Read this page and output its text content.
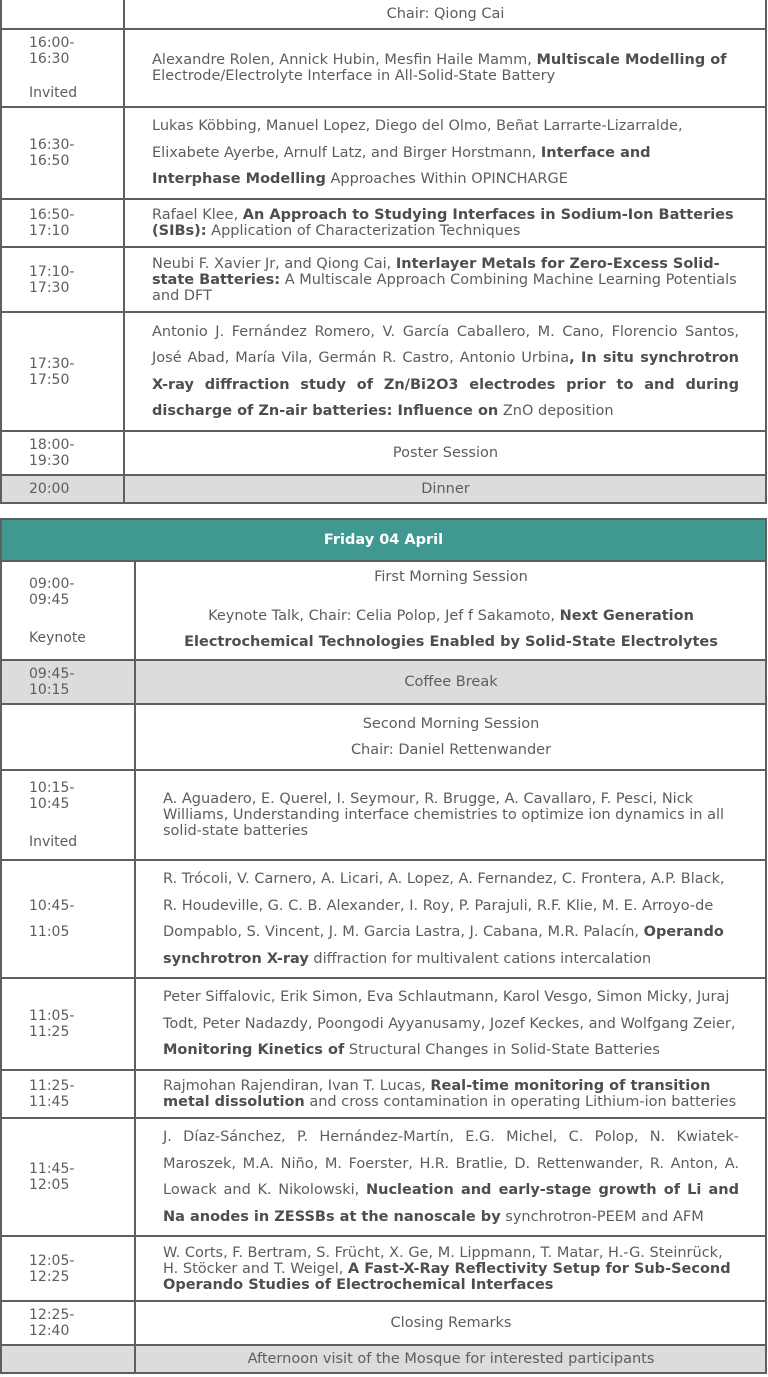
	Chair: Qiong Cai
16:00-
16:30
Invited	Alexandre Rolen, Annick Hubin, Mesfin Haile Mamm, Multiscale Modelling of Electrode/Electrolyte Interface in All-Solid-State Battery
16:30-
16:50	Lukas Köbbing, Manuel Lopez, Diego del Olmo, Beñat Larrarte-Lizarralde, Elixabete Ayerbe, Arnulf Latz, and Birger Horstmann, Interface and Interphase Modelling Approaches Within OPINCHARGE
16:50-
17:10	Rafael Klee, An Approach to Studying Interfaces in Sodium-Ion Batteries (SIBs): Application of Characterization Techniques
17:10-
17:30	Neubi F. Xavier Jr, and Qiong Cai, Interlayer Metals for Zero-Excess Solid-state Batteries: A Multiscale Approach Combining Machine Learning Potentials and DFT
17:30-
17:50	Antonio J. Fernández Romero, V. García Caballero, M. Cano, Florencio Santos, José Abad, María Vila, Germán R. Castro, Antonio Urbina, In situ synchrotron X-ray diffraction study of Zn/Bi2O3 electrodes prior to and during discharge of Zn-air batteries: Influence on ZnO deposition
18:00-
19:30	Poster Session
20:00	Dinner
Friday 04 April	
09:00-
09:45
Keynote	First Morning Session
Keynote Talk, Chair: Celia Polop, Jef f Sakamoto, Next Generation Electrochemical Technologies Enabled by Solid-State Electrolytes
09:45-
10:15	Coffee Break

	Second Morning Session
Chair: Daniel Rettenwander

10:15-
10:45
Invited	A. Aguadero, E. Querel, I. Seymour, R. Brugge, A. Cavallaro, F. Pesci, Nick Williams, Understanding interface chemistries to optimize ion dynamics in all solid-state batteries
10:45-
11:05	R. Trócoli, V. Carnero, A. Licari, A. Lopez, A. Fernandez, C. Frontera, A.P. Black, R. Houdeville, G. C. B. Alexander, I. Roy, P. Parajuli, R.F. Klie, M. E. Arroyo-de Dompablo, S. Vincent, J. M. Garcia Lastra, J. Cabana, M.R. Palacín, Operando synchrotron X-ray diffraction for multivalent cations intercalation
11:05-
11:25	Peter Siffalovic, Erik Simon, Eva Schlautmann, Karol Vesgo, Simon Micky, Juraj Todt, Peter Nadazdy, Poongodi Ayyanusamy, Jozef Keckes, and Wolfgang Zeier, Monitoring Kinetics of Structural Changes in Solid-State Batteries
11:25-
11:45	Rajmohan Rajendiran, Ivan T. Lucas, Real-time monitoring of transition metal dissolution and cross contamination in operating Lithium-ion batteries
11:45-
12:05	J. Díaz-Sánchez, P. Hernández-Martín, E.G. Michel, C. Polop, N. Kwiatek-Maroszek, M.A. Niño, M. Foerster, H.R. Bratlie, D. Rettenwander, R. Anton, A. Lowack and K. Nikolowski, Nucleation and early-stage growth of Li and Na anodes in ZESSBs at the nanoscale by synchrotron-PEEM and AFM
12:05-
12:25	W. Corts, F. Bertram, S. Frücht, X. Ge, M. Lippmann, T. Matar, H.-G. Steinrück, H. Stöcker and T. Weigel, A Fast-X-Ray Reflectivity Setup for Sub-Second Operando Studies of Electrochemical Interfaces
12:25-
12:40	Closing Remarks
	Afternoon visit of the Mosque for interested participants
